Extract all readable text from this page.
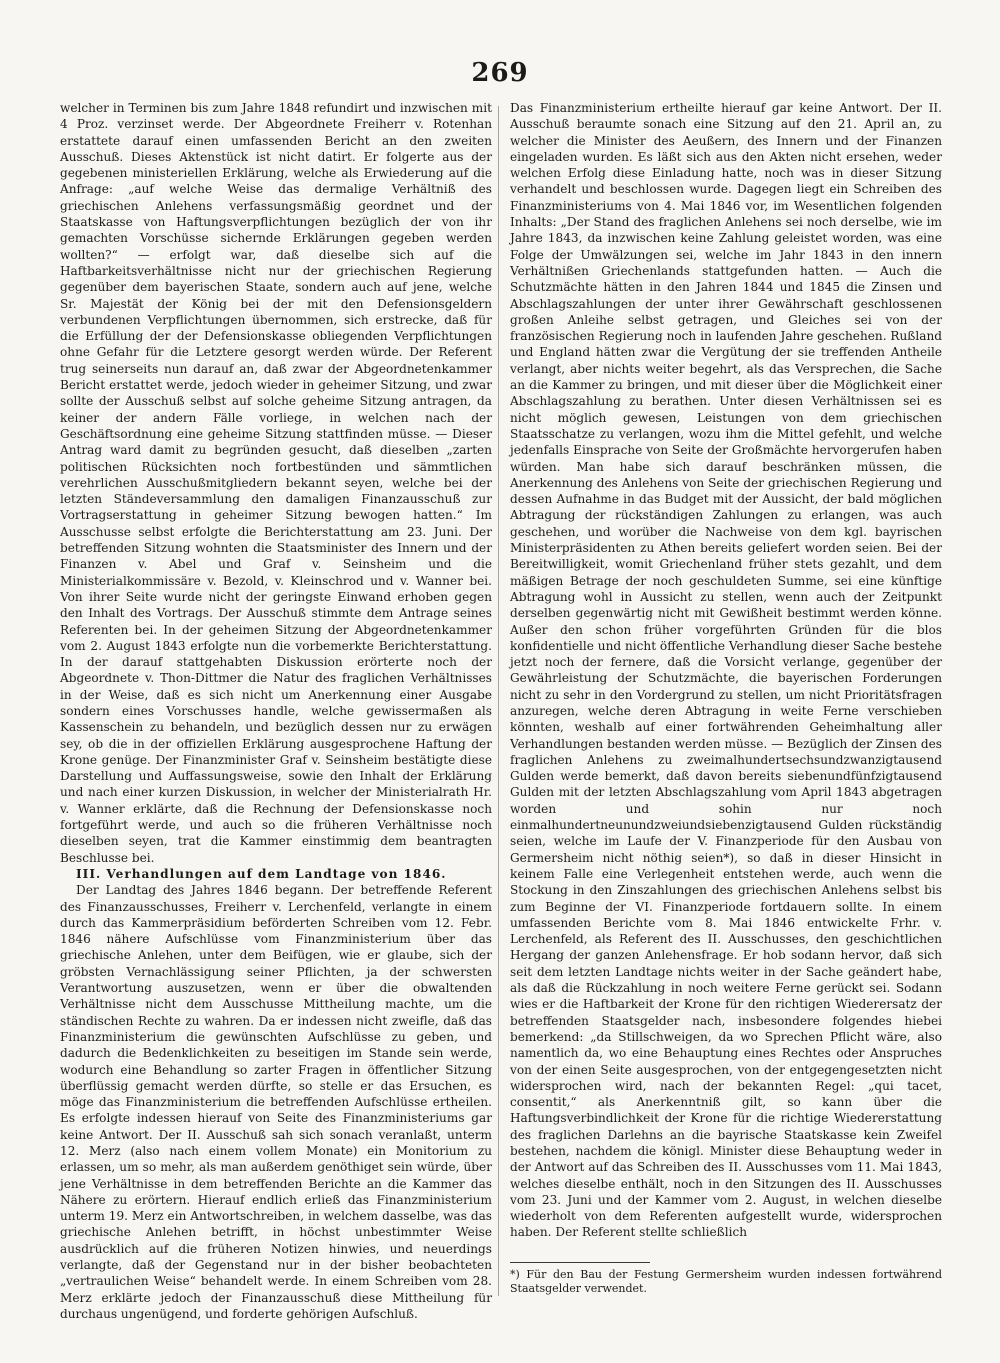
269

welcher in Terminen bis zum Jahre 1848 refundirt und inzwischen mit 4 Proz. verzinset werde. Der Abgeordnete Freiherr v. Rotenhan erstattete darauf einen umfassenden Bericht an den zweiten Ausschuß. Dieses Aktenstück ist nicht datirt. Er folgerte aus der gegebenen ministeriellen Erklärung, welche als Erwiederung auf die Anfrage: „auf welche Weise das dermalige Verhältniß des griechischen Anlehens verfassungsmäßig geordnet und der Staatskasse von Haftungsverpflichtungen bezüglich der von ihr gemachten Vorschüsse sichernde Erklärungen gegeben werden wollten?“ — erfolgt war, daß dieselbe sich auf die Haftbarkeitsverhältnisse nicht nur der griechischen Regierung gegenüber dem bayerischen Staate, sondern auch auf jene, welche Sr. Majestät der König bei der mit den Defensionsgeldern verbundenen Verpflichtungen übernommen, sich erstrecke, daß für die Erfüllung der der Defensionskasse obliegenden Verpflichtungen ohne Gefahr für die Letztere gesorgt werden würde. Der Referent trug seinerseits nun darauf an, daß zwar der Abgeordnetenkammer Bericht erstattet werde, jedoch wieder in geheimer Sitzung, und zwar sollte der Ausschuß selbst auf solche geheime Sitzung antragen, da keiner der andern Fälle vorliege, in welchen nach der Geschäftsordnung eine geheime Sitzung stattfinden müsse. — Dieser Antrag ward damit zu begründen gesucht, daß dieselben „zarten politischen Rücksichten noch fortbestünden und sämmtlichen verehrlichen Ausschußmitgliedern bekannt seyen, welche bei der letzten Ständeversammlung den damaligen Finanzausschuß zur Vortragserstattung in geheimer Sitzung bewogen hatten.“ Im Ausschusse selbst erfolgte die Berichterstattung am 23. Juni. Der betreffenden Sitzung wohnten die Staatsminister des Innern und der Finanzen v. Abel und Graf v. Seinsheim und die Ministerialkommissäre v. Bezold, v. Kleinschrod und v. Wanner bei. Von ihrer Seite wurde nicht der geringste Einwand erhoben gegen den Inhalt des Vortrags. Der Ausschuß stimmte dem Antrage seines Referenten bei. In der geheimen Sitzung der Abgeordnetenkammer vom 2. August 1843 erfolgte nun die vorbemerkte Berichterstattung. In der darauf stattgehabten Diskussion erörterte noch der Abgeordnete v. Thon-Dittmer die Natur des fraglichen Verhältnisses in der Weise, daß es sich nicht um Anerkennung einer Ausgabe sondern eines Vorschusses handle, welche gewissermaßen als Kassenschein zu behandeln, und bezüglich dessen nur zu erwägen sey, ob die in der offiziellen Erklärung ausgesprochene Haftung der Krone genüge. Der Finanzminister Graf v. Seinsheim bestätigte diese Darstellung und Auffassungsweise, sowie den Inhalt der Erklärung und nach einer kurzen Diskussion, in welcher der Ministerialrath Hr. v. Wanner erklärte, daß die Rechnung der Defensionskasse noch fortgeführt werde, und auch so die früheren Verhältnisse noch dieselben seyen, trat die Kammer einstimmig dem beantragten Beschlusse bei.

III. Verhandlungen auf dem Landtage von 1846.

Der Landtag des Jahres 1846 begann. Der betreffende Referent des Finanzausschusses, Freiherr v. Lerchenfeld, verlangte in einem durch das Kammerpräsidium beförderten Schreiben vom 12. Febr. 1846 nähere Aufschlüsse vom Finanzministerium über das griechische Anlehen, unter dem Beifügen, wie er glaube, sich der gröbsten Vernachlässigung seiner Pflichten, ja der schwersten Verantwortung auszusetzen, wenn er über die obwaltenden Verhältnisse nicht dem Ausschusse Mittheilung machte, um die ständischen Rechte zu wahren. Da er indessen nicht zweifle, daß das Finanzministerium die gewünschten Aufschlüsse zu geben, und dadurch die Bedenklichkeiten zu beseitigen im Stande sein werde, wodurch eine Behandlung so zarter Fragen in öffentlicher Sitzung überflüssig gemacht werden dürfte, so stelle er das Ersuchen, es möge das Finanzministerium die betreffenden Aufschlüsse ertheilen. Es erfolgte indessen hierauf von Seite des Finanzministeriums gar keine Antwort. Der II. Ausschuß sah sich sonach veranlaßt, unterm 12. Merz (also nach einem vollem Monate) ein Monitorium zu erlassen, um so mehr, als man außerdem genöthiget sein würde, über jene Verhältnisse in dem betreffenden Berichte an die Kammer das Nähere zu erörtern. Hierauf endlich erließ das Finanzministerium unterm 19. Merz ein Antwortschreiben, in welchem dasselbe, was das griechische Anlehen betrifft, in höchst unbestimmter Weise ausdrücklich auf die früheren Notizen hinwies, und neuerdings verlangte, daß der Gegenstand nur in der bisher beobachteten „vertraulichen Weise“ behandelt werde. In einem Schreiben vom 28. Merz erklärte jedoch der Finanzausschuß diese Mittheilung für durchaus ungenügend, und forderte gehörigen Aufschluß.

Das Finanzministerium ertheilte hierauf gar keine Antwort. Der II. Ausschuß beraumte sonach eine Sitzung auf den 21. April an, zu welcher die Minister des Aeußern, des Innern und der Finanzen eingeladen wurden. Es läßt sich aus den Akten nicht ersehen, weder welchen Erfolg diese Einladung hatte, noch was in dieser Sitzung verhandelt und beschlossen wurde. Dagegen liegt ein Schreiben des Finanzministeriums von 4. Mai 1846 vor, im Wesentlichen folgenden Inhalts: „Der Stand des fraglichen Anlehens sei noch derselbe, wie im Jahre 1843, da inzwischen keine Zahlung geleistet worden, was eine Folge der Umwälzungen sei, welche im Jahr 1843 in den innern Verhältnißen Griechenlands stattgefunden hatten. — Auch die Schutzmächte hätten in den Jahren 1844 und 1845 die Zinsen und Abschlagszahlungen der unter ihrer Gewährschaft geschlossenen großen Anleihe selbst getragen, und Gleiches sei von der französischen Regierung noch in laufenden Jahre geschehen. Rußland und England hätten zwar die Vergütung der sie treffenden Antheile verlangt, aber nichts weiter begehrt, als das Versprechen, die Sache an die Kammer zu bringen, und mit dieser über die Möglichkeit einer Abschlagszahlung zu berathen. Unter diesen Verhältnissen sei es nicht möglich gewesen, Leistungen von dem griechischen Staatsschatze zu verlangen, wozu ihm die Mittel gefehlt, und welche jedenfalls Einsprache von Seite der Großmächte hervorgerufen haben würden. Man habe sich darauf beschränken müssen, die Anerkennung des Anlehens von Seite der griechischen Regierung und dessen Aufnahme in das Budget mit der Aussicht, der bald möglichen Abtragung der rückständigen Zahlungen zu erlangen, was auch geschehen, und worüber die Nachweise von dem kgl. bayrischen Ministerpräsidenten zu Athen bereits geliefert worden seien. Bei der Bereitwilligkeit, womit Griechenland früher stets gezahlt, und dem mäßigen Betrage der noch geschuldeten Summe, sei eine künftige Abtragung wohl in Aussicht zu stellen, wenn auch der Zeitpunkt derselben gegenwärtig nicht mit Gewißheit bestimmt werden könne. Außer den schon früher vorgeführten Gründen für die blos konfidentielle und nicht öffentliche Verhandlung dieser Sache bestehe jetzt noch der fernere, daß die Vorsicht verlange, gegenüber der Gewährleistung der Schutzmächte, die bayerischen Forderungen nicht zu sehr in den Vordergrund zu stellen, um nicht Prioritätsfragen anzuregen, welche deren Abtragung in weite Ferne verschieben könnten, weshalb auf einer fortwährenden Geheimhaltung aller Verhandlungen bestanden werden müsse. — Bezüglich der Zinsen des fraglichen Anlehens zu zweimalhundertsechsundzwanzigtausend Gulden werde bemerkt, daß davon bereits siebenundfünfzigtausend Gulden mit der letzten Abschlagszahlung vom April 1843 abgetragen worden und sohin nur noch einmalhundertneunundzweiundsiebenzigtausend Gulden rückständig seien, welche im Laufe der V. Finanzperiode für den Ausbau von Germersheim nicht nöthig seien*), so daß in dieser Hinsicht in keinem Falle eine Verlegenheit entstehen werde, auch wenn die Stockung in den Zinszahlungen des griechischen Anlehens selbst bis zum Beginne der VI. Finanzperiode fortdauern sollte. In einem umfassenden Berichte vom 8. Mai 1846 entwickelte Frhr. v. Lerchenfeld, als Referent des II. Ausschusses, den geschichtlichen Hergang der ganzen Anlehensfrage. Er hob sodann hervor, daß sich seit dem letzten Landtage nichts weiter in der Sache geändert habe, als daß die Rückzahlung in noch weitere Ferne gerückt sei. Sodann wies er die Haftbarkeit der Krone für den richtigen Wiederersatz der betreffenden Staatsgelder nach, insbesondere folgendes hiebei bemerkend: „da Stillschweigen, da wo Sprechen Pflicht wäre, also namentlich da, wo eine Behauptung eines Rechtes oder Anspruches von der einen Seite ausgesprochen, von der entgegengesetzten nicht widersprochen wird, nach der bekannten Regel: „qui tacet, consentit,“ als Anerkenntniß gilt, so kann über die Haftungsverbindlichkeit der Krone für die richtige Wiedererstattung des fraglichen Darlehns an die bayrische Staatskasse kein Zweifel bestehen, nachdem die königl. Minister diese Behauptung weder in der Antwort auf das Schreiben des II. Ausschusses vom 11. Mai 1843, welches dieselbe enthält, noch in den Sitzungen des II. Ausschusses vom 23. Juni und der Kammer vom 2. August, in welchen dieselbe wiederholt von dem Referenten aufgestellt wurde, widersprochen haben. Der Referent stellte schließlich

*) Für den Bau der Festung Germersheim wurden indessen fortwährend Staatsgelder verwendet.
